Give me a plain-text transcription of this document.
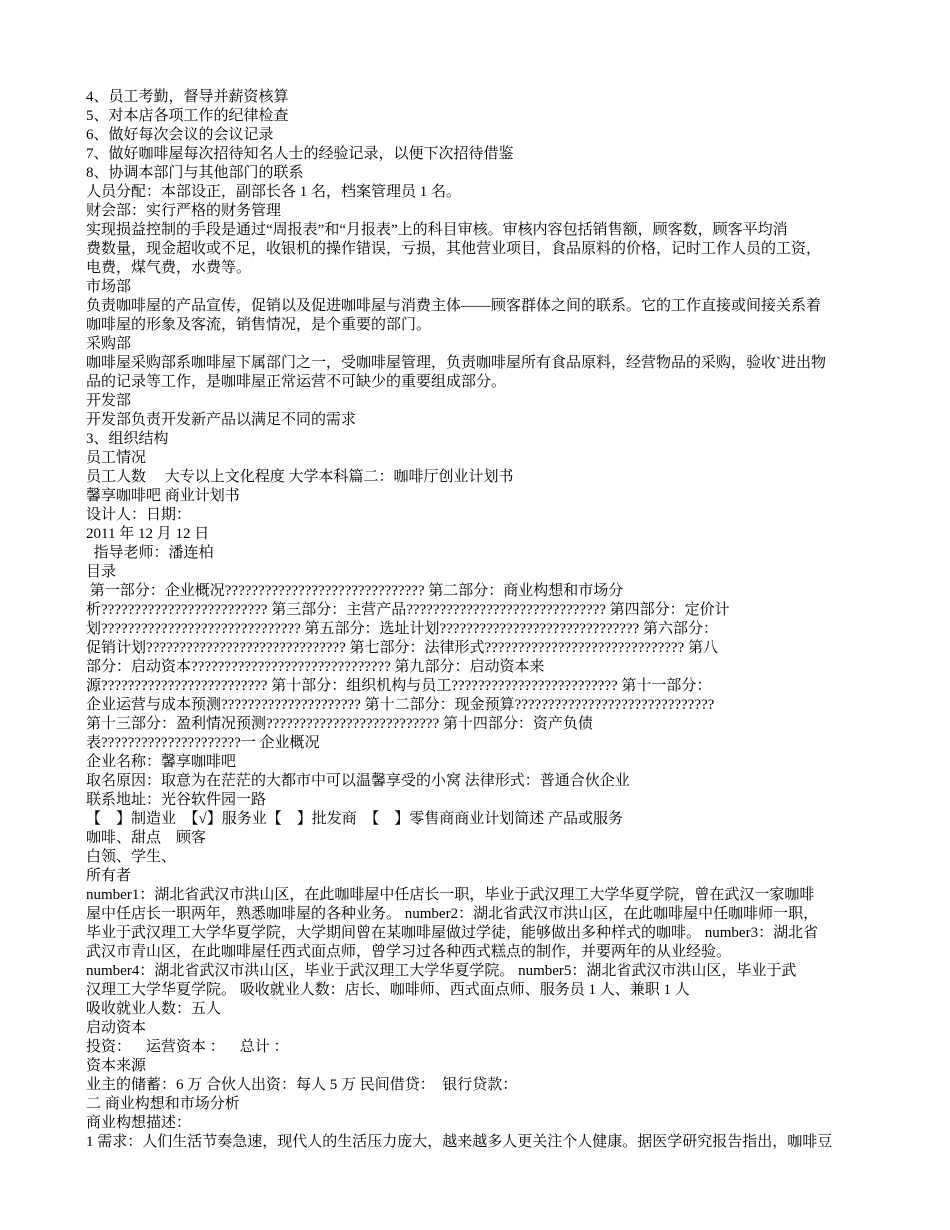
4、员工考勤，督导并薪资核算
5、对本店各项工作的纪律检查
6、做好每次会议的会议记录
7、做好咖啡屋每次招待知名人士的经验记录，以便下次招待借鉴
8、协调本部门与其他部门的联系
人员分配：本部设正，副部长各 1 名，档案管理员 1 名。
财会部：实行严格的财务管理
实现损益控制的手段是通过“周报表”和“月报表”上的科目审核。审核内容包括销售额，顾客数，顾客平均消
费数量，现金超收或不足，收银机的操作错误，亏损，其他营业项目，食品原料的价格，记时工作人员的工资，
电费，煤气费，水费等。
市场部
负责咖啡屋的产品宣传，促销以及促进咖啡屋与消费主体——顾客群体之间的联系。它的工作直接或间接关系着
咖啡屋的形象及客流，销售情况，是个重要的部门。
采购部
咖啡屋采购部系咖啡屋下属部门之一，受咖啡屋管理，负责咖啡屋所有食品原料，经营物品的采购，验收`进出物
品的记录等工作，是咖啡屋正常运营不可缺少的重要组成部分。
开发部
开发部负责开发新产品以满足不同的需求
3、组织结构
员工情况
员工人数　 大专以上文化程度 大学本科篇二：咖啡厅创业计划书
馨享咖啡吧 商业计划书
设计人：日期：
2011 年 12 月 12 日
指导老师：潘连柏
目录
第一部分：企业概况?????????????????????????????? 第二部分：商业构想和市场分
析????????????????????????? 第三部分：主营产品?????????????????????????????? 第四部分：定价计
划?????????????????????????????? 第五部分：选址计划?????????????????????????????? 第六部分：
促销计划?????????????????????????????? 第七部分：法律形式?????????????????????????????? 第八
部分：启动资本?????????????????????????????? 第九部分：启动资本来
源????????????????????????? 第十部分：组织机构与员工????????????????????????? 第十一部分：
企业运营与成本预测????????????????????? 第十二部分：现金预算??????????????????????????????
第十三部分：盈利情况预测?????????????????????????? 第十四部分：资产负债
表?????????????????????一 企业概况
企业名称：馨享咖啡吧
取名原因：取意为在茫茫的大都市中可以温馨享受的小窝 法律形式：普通合伙企业
联系地址：光谷软件园一路
【　】制造业　【√】服务业【　】批发商　【　】零售商商业计划简述 产品或服务
咖啡、甜点　顾客
白领、学生、
所有者
number1：湖北省武汉市洪山区，在此咖啡屋中任店长一职，毕业于武汉理工大学华夏学院，曾在武汉一家咖啡
屋中任店长一职两年，熟悉咖啡屋的各种业务。 number2：湖北省武汉市洪山区，在此咖啡屋中任咖啡师一职，
毕业于武汉理工大学华夏学院，大学期间曾在某咖啡屋做过学徒，能够做出多种样式的咖啡。 number3：湖北省
武汉市青山区，在此咖啡屋任西式面点师，曾学习过各种西式糕点的制作，并要两年的从业经验。
number4：湖北省武汉市洪山区，毕业于武汉理工大学华夏学院。 number5：湖北省武汉市洪山区，毕业于武
汉理工大学华夏学院。 吸收就业人数：店长、咖啡师、西式面点师、服务员 1 人、兼职 1 人
吸收就业人数：五人
启动资本
投资：    运营资本 ：    总计 ：
资本来源
业主的储蓄：6 万 合伙人出资：每人 5 万 民间借贷：  银行贷款：
二 商业构想和市场分析
商业构想描述：
1 需求：人们生活节奏急速，现代人的生活压力庞大，越来越多人更关注个人健康。据医学研究报告指出，咖啡豆
